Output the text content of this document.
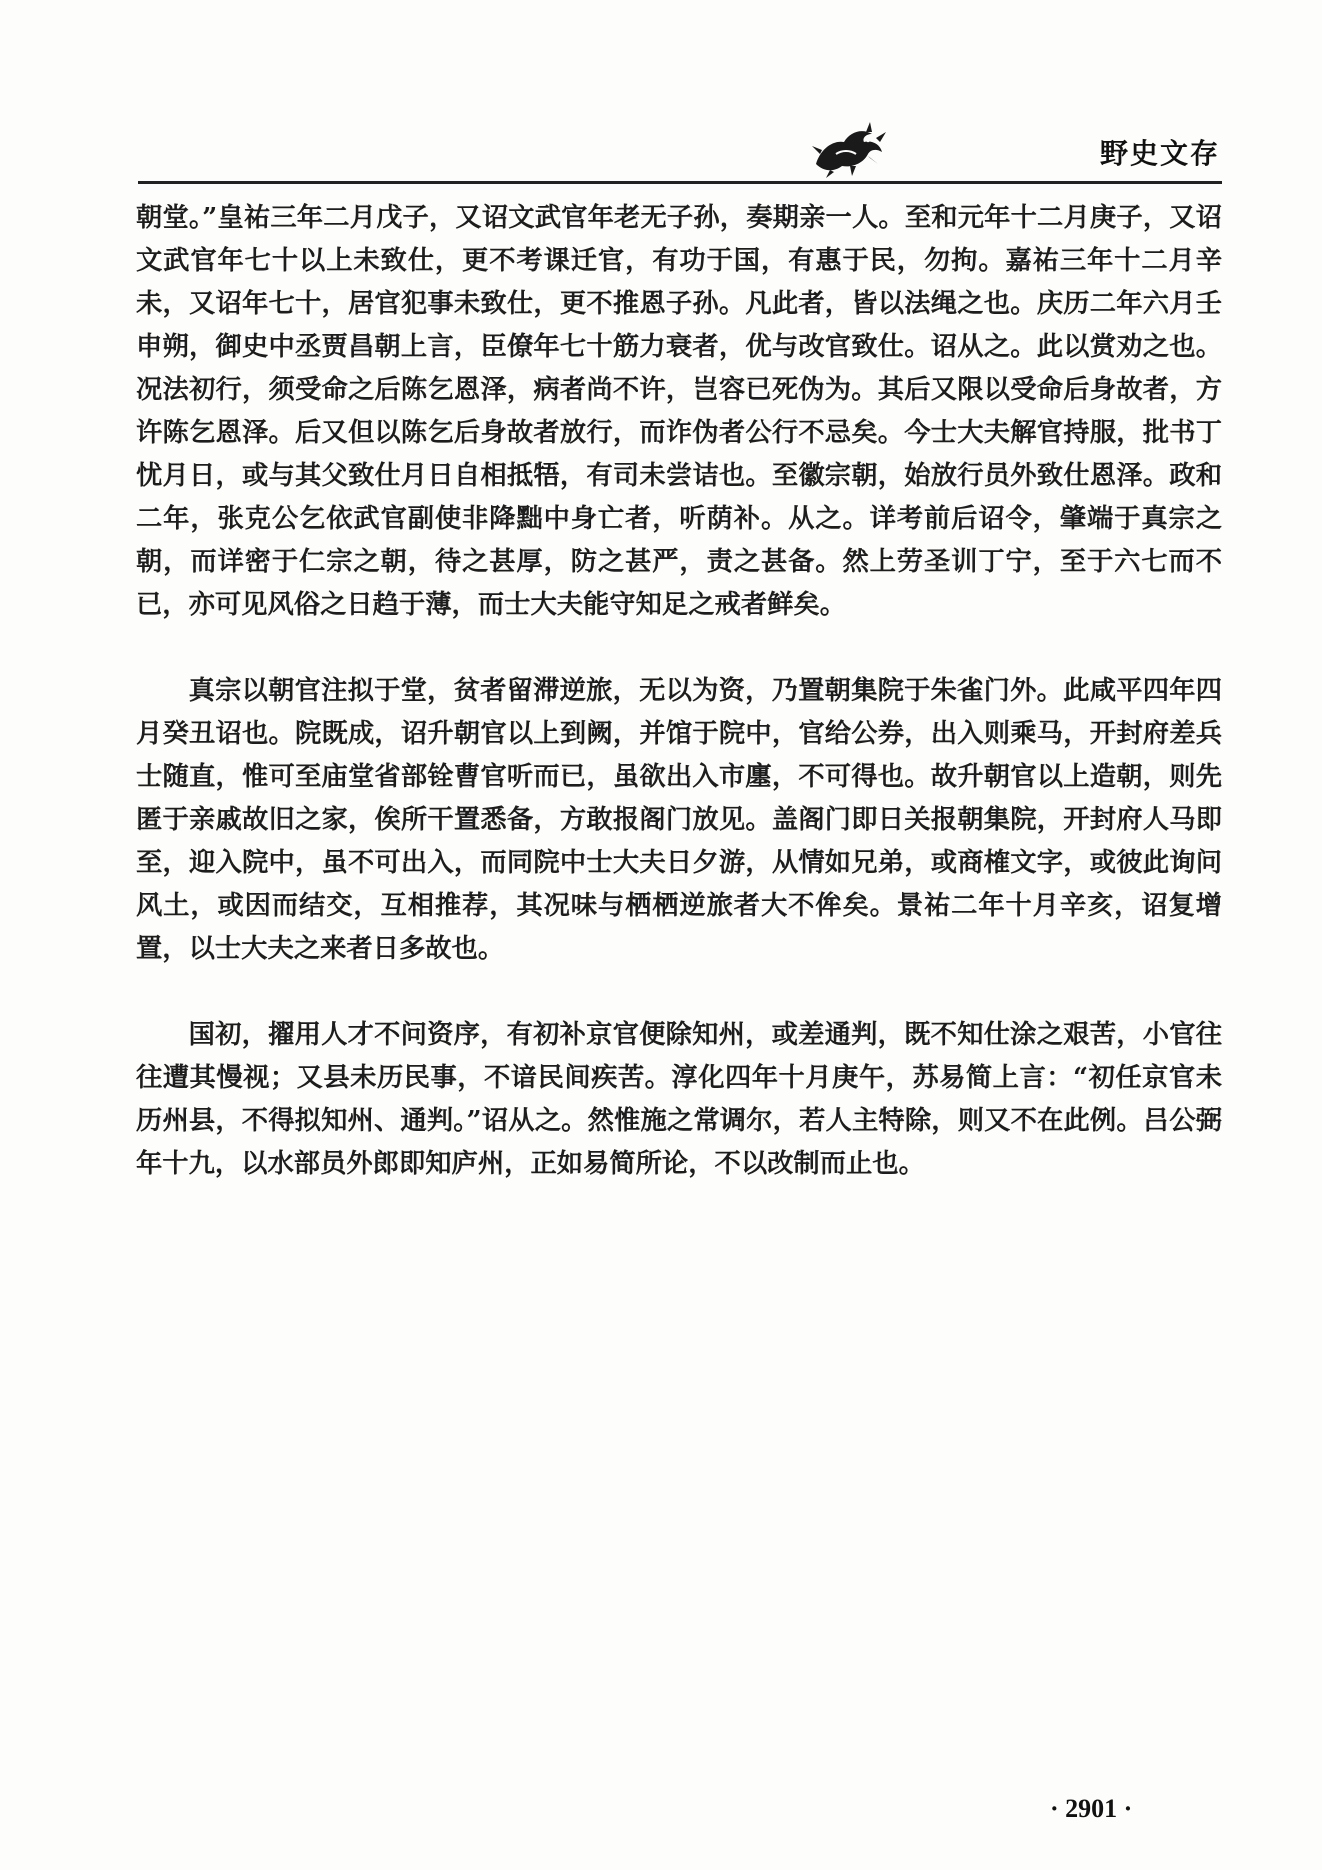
野史文存

朝堂。”皇祐三年二月戊子，又诏文武官年老无子孙，奏期亲一人。至和元年十二月庚子，又诏文武官年七十以上未致仕，更不考课迁官，有功于国，有惠于民，勿拘。嘉祐三年十二月辛未，又诏年七十，居官犯事未致仕，更不推恩子孙。凡此者，皆以法绳之也。庆历二年六月壬申朔，御史中丞贾昌朝上言，臣僚年七十筋力衰者，优与改官致仕。诏从之。此以赏劝之也。况法初行，须受命之后陈乞恩泽，病者尚不许，岂容已死伪为。其后又限以受命后身故者，方许陈乞恩泽。后又但以陈乞后身故者放行，而诈伪者公行不忌矣。今士大夫解官持服，批书丁忧月日，或与其父致仕月日自相抵牾，有司未尝诘也。至徽宗朝，始放行员外致仕恩泽。政和二年，张克公乞依武官副使非降黜中身亡者，听荫补。从之。详考前后诏令，肇端于真宗之朝，而详密于仁宗之朝，待之甚厚，防之甚严，责之甚备。然上劳圣训丁宁，至于六七而不已，亦可见风俗之日趋于薄，而士大夫能守知足之戒者鲜矣。

真宗以朝官注拟于堂，贫者留滞逆旅，无以为资，乃置朝集院于朱雀门外。此咸平四年四月癸丑诏也。院既成，诏升朝官以上到阙，并馆于院中，官给公券，出入则乘马，开封府差兵士随直，惟可至庙堂省部铨曹官听而已，虽欲出入市廛，不可得也。故升朝官以上造朝，则先匿于亲戚故旧之家，俟所干置悉备，方敢报阁门放见。盖阁门即日关报朝集院，开封府人马即至，迎入院中，虽不可出入，而同院中士大夫日夕游，从情如兄弟，或商榷文字，或彼此询问风土，或因而结交，互相推荐，其况味与栖栖逆旅者大不侔矣。景祐二年十月辛亥，诏复增置，以士大夫之来者日多故也。

国初，擢用人才不问资序，有初补京官便除知州，或差通判，既不知仕涂之艰苦，小官往往遭其慢视；又县未历民事，不谙民间疾苦。淳化四年十月庚午，苏易简上言：“初任京官未历州县，不得拟知州、通判。”诏从之。然惟施之常调尔，若人主特除，则又不在此例。吕公弼年十九，以水部员外郎即知庐州，正如易简所论，不以改制而止也。

· 2901 ·
